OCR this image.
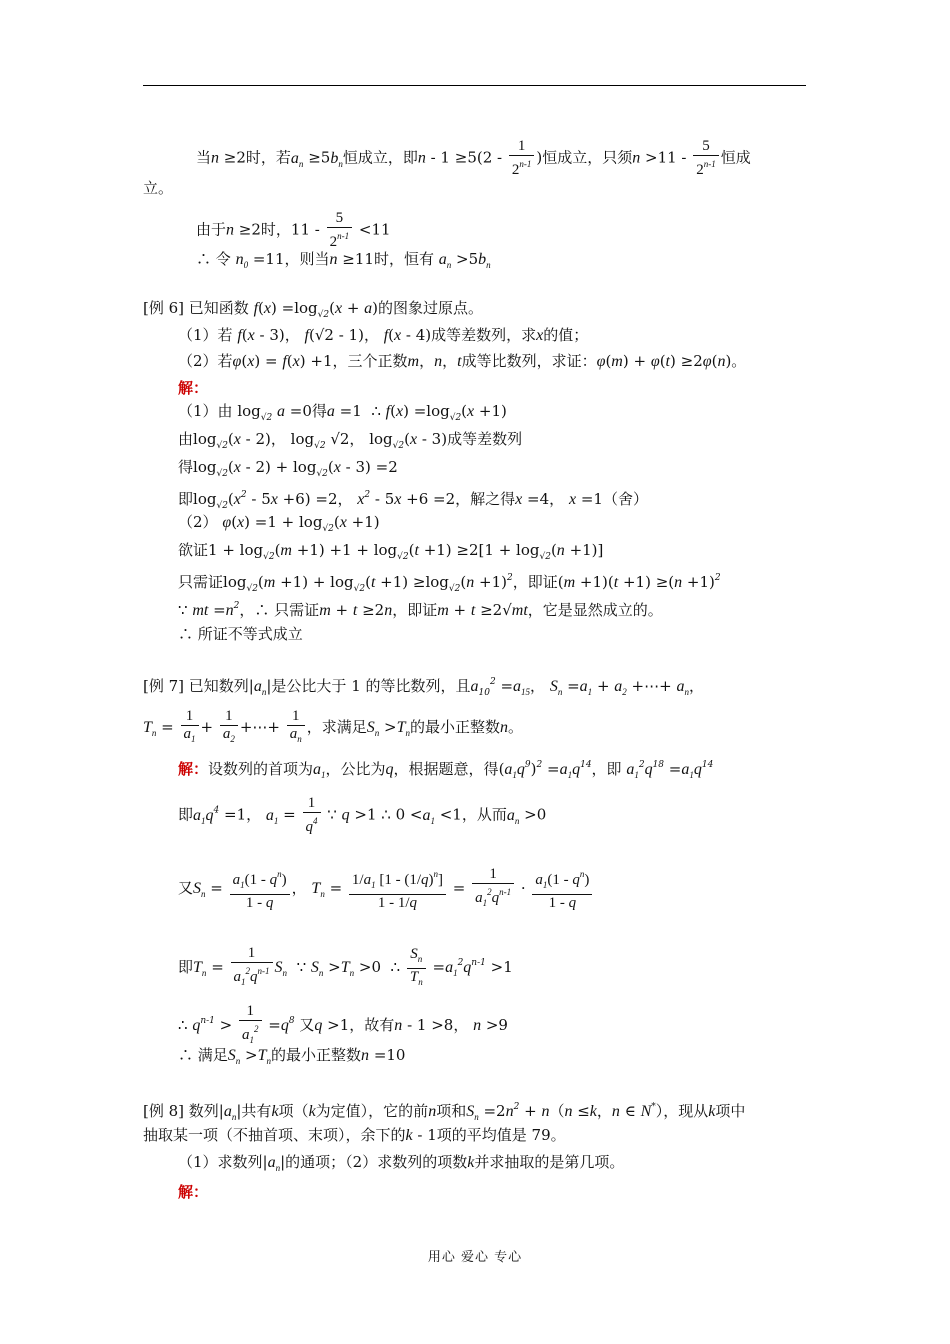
当n ≥2时，若$a_n \ge 5b_n$恒成立，即$n - 1 \ge 5(2 - \frac{1}{2^{n-1}}$ )恒成立，只须$n >11 - \frac{5}{2^{n-1}}$ 恒成
立。
由于n ≥2时，$11 - \frac{5}{2^{n-1}} <11$
∴ 令 $n_0 =11$，则当n ≥11时，恒有 $a_n >5b_n$
[例 6] 已知函数 $f(x) =\log_{√2}(x + a)$的图象过原点。
（1）若 f(x - 3)， f(√2 - 1)， f(x - 4)成等差数列，求x的值；
（2）若φ(x) = f(x) +1，三个正数m，n，t成等比数列，求证：φ(m) + φ(t) ≥2φ(n)。
解：
（1）由 $\log_{√2} a =0$得a =1  ∴ $f(x) =\log_{√2}(x +1)$
由$\log_{√2}(x - 2)$， $\log_{√2} √2$， $\log_{√2}(x - 3)$成等差数列
得$\log_{√2}(x - 2) + \log_{√2}(x - 3) =2$
即$\log_{√2}(x^2 - 5x +6) =2$， $x^2 - 5x +6 =2$，解之得x =4， x =1（舍）
（2） $\varphi(x) =1 + \log_{√2}(x +1)$
欲证$1 + \log_{√2}(m +1) +1 + \log_{√2}(t +1) \ge 2[1 + \log_{√2}(n +1)]$
只需证$\log_{√2}(m +1) + \log_{√2}(t +1) \ge\log_{√2}(n +1)^2$，即证$(m +1)(t +1) \ge(n +1)^2$
∵ mt $=n^2$，∴ 只需证m + t ≥2n，即证m + t ≥2√mt，它是显然成立的。
∴ 所证不等式成立
[例 7] 已知数列$|a_n|$是公比大于 1 的等比数列，且$a_{10}^2 =a_{15}$， $S_n =a_1 + a_2$ +⋯+ $a_n$，
$T_n = \frac{1}{a_1} + \frac{1}{a_2}$ +⋯+ $\frac{1}{a_n}$ ，求满足$S_n >T_n$的最小正整数n。
解：设数列的首项为$a_1$，公比为q，根据题意，得$(a_1q^9)^2 =a_1q^{14}$，即 $a_1^2q^{18} =a_1q^{14}$
即$a_1q^4 =1$， $a_1 = \frac{1}{q^4}$ ∵ q >1 ∴ $0 <a_1 <1$，从而$a_n >0$
又$S_n = \frac{a_1(1 - q^n)}{1 - q}$ ， $T_n = \frac{1/a_1 [1 - (1/q)^n]}{1 - 1/q} = \frac{1}{a_1^2q^{n-1}} \cdot \frac{a_1(1 - q^n)}{1 - q}$
即$T_n = \frac{1}{a_1^2q^{n-1}} S_n$  ∵ $S_n >T_n >0$  ∴ $\frac{S_n}{T_n} =a_1^2q^{n-1} >1$
∴ $q^{n-1} > \frac{1}{a_1^2} =q^8$ 又q >1，故有n - 1 >8， n >9
∴ 满足$S_n >T_n$的最小正整数n =10
[例 8] 数列$|a_n|$共有k项（k为定值），它的前n项和$S_n =2n^2 + n(n \le k$，n ∈ N*），现从k项中
抽取某一项（不抽首项、末项），余下的k - 1项的平均值是 79。
（1）求数列$|a_n|$的通项；（2）求数列的项数k并求抽取的是第几项。
解：
用心 爱心 专心
